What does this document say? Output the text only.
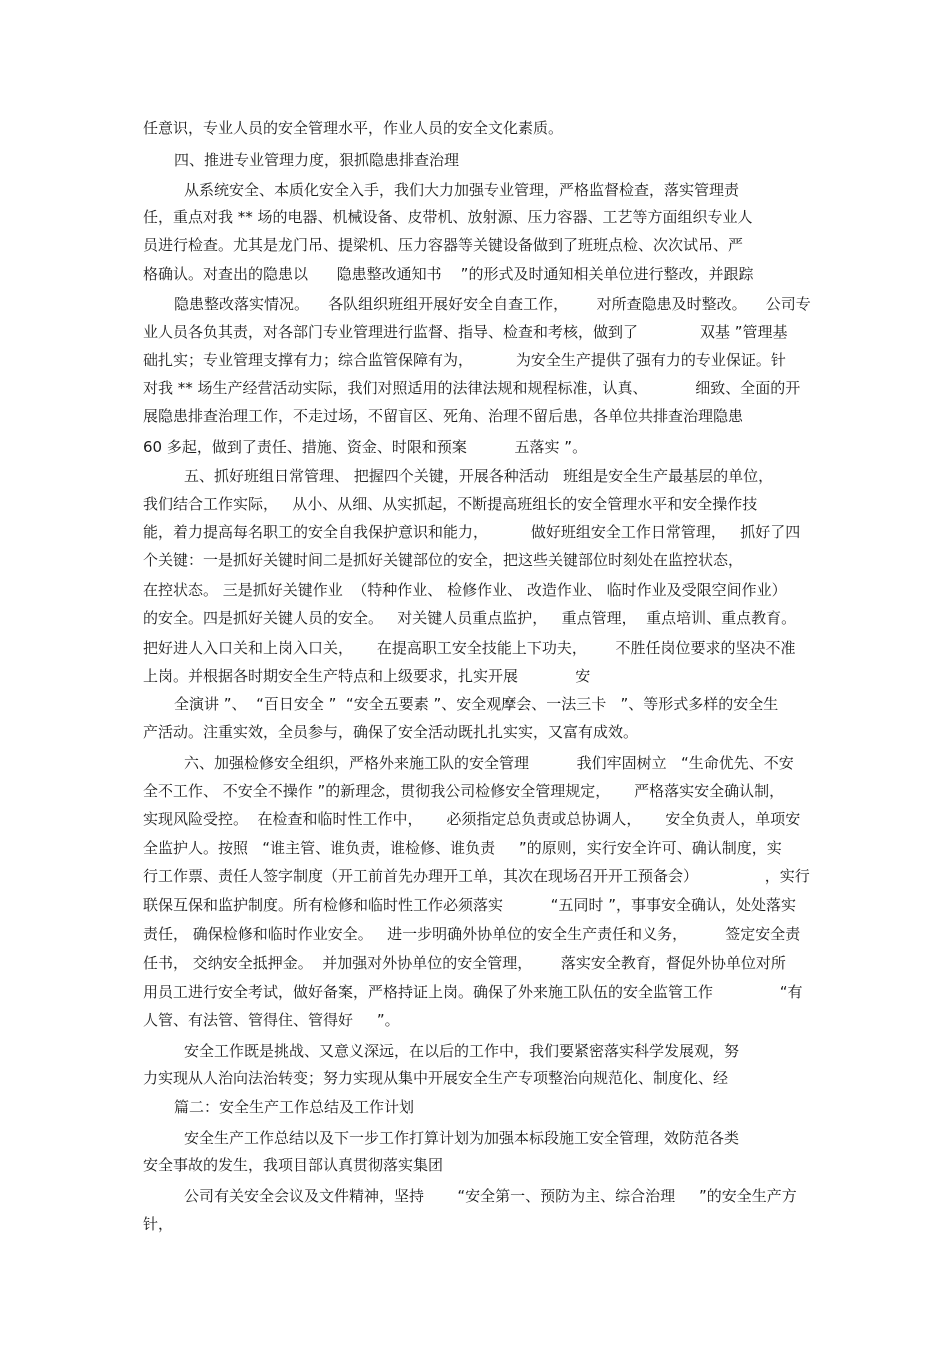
任意识，专业人员的安全管理水平，作业人员的安全文化素质。
四、推进专业管理力度，狠抓隐患排查治理
从系统安全、本质化安全入手，我们大力加强专业管理，严格监督检查，落实管理责
任，重点对我 ** 场的电器、机械设备、皮带机、放射源、压力容器、工艺等方面组织专业人
员进行检查。尤其是龙门吊、提梁机、压力容器等关键设备做到了班班点检、次次试吊、严
格确认。对查出的隐患以      隐患整改通知书    ”的形式及时通知相关单位进行整改，并跟踪
隐患整改落实情况。    各队组织班组开展好安全自查工作，      对所查隐患及时整改。    公司专
业人员各负其责，对各部门专业管理进行监督、指导、检查和考核，做到了             双基 ”管理基
础扎实；专业管理支撑有力；综合监管保障有为，         为安全生产提供了强有力的专业保证。针
对我 ** 场生产经营活动实际，我们对照适用的法律法规和规程标准，认真、          细致、全面的开
展隐患排查治理工作，不走过场，不留盲区、死角、治理不留后患，各单位共排查治理隐患
60 多起，做到了责任、措施、资金、时限和预案          五落实 ”。
五、抓好班组日常管理、 把握四个关键，开展各种活动   班组是安全生产最基层的单位，
我们结合工作实际，   从小、从细、从实抓起，不断提高班组长的安全管理水平和安全操作技
能，着力提高每名职工的安全自我保护意识和能力，         做好班组安全工作日常管理，   抓好了四
个关键：一是抓好关键时间二是抓好关键部位的安全，把这些关键部位时刻处在监控状态，
在控状态。 三是抓好关键作业  （特种作业、 检修作业、 改造作业、 临时作业及受限空间作业）
的安全。四是抓好关键人员的安全。   对关键人员重点监护，   重点管理，  重点培训、重点教育。
把好进人入口关和上岗入口关，     在提高职工安全技能上下功夫，      不胜任岗位要求的坚决不准
上岗。并根据各时期安全生产特点和上级要求，扎实开展            安
全演讲 ”、  “百日安全 ”  “安全五要素 ”、安全观摩会、一法三卡   ”、等形式多样的安全生
产活动。注重实效，全员参与，确保了安全活动既扎扎实实，又富有成效。
六、加强检修安全组织，严格外来施工队的安全管理          我们牢固树立   “生命优先、不安
全不工作、 不安全不操作 ”的新理念，贯彻我公司检修安全管理规定，     严格落实安全确认制，
实现风险受控。  在检查和临时性工作中，     必须指定总负责或总协调人，     安全负责人，单项安
全监护人。按照   “谁主管、谁负责，谁检修、谁负责     ”的原则，实行安全许可、确认制度，实
行工作票、责任人签字制度（开工前首先办理开工单，其次在现场召开开工预备会）              ，实行
联保互保和监护制度。所有检修和临时性工作必须落实          “五同时 ”，事事安全确认，处处落实
责任， 确保检修和临时作业安全。   进一步明确外协单位的安全生产责任和义务，        签定安全责
任书， 交纳安全抵押金。  并加强对外协单位的安全管理，      落实安全教育，督促外协单位对所
用员工进行安全考试，做好备案，严格持证上岗。确保了外来施工队伍的安全监管工作              “有
人管、有法管、管得住、管得好     ”。
安全工作既是挑战、又意义深远，在以后的工作中，我们要紧密落实科学发展观，努
力实现从人治向法治转变；努力实现从集中开展安全生产专项整治向规范化、制度化、经
篇二：安全生产工作总结及工作计划
安全生产工作总结以及下一步工作打算计划为加强本标段施工安全管理，效防范各类
安全事故的发生，我项目部认真贯彻落实集团
公司有关安全会议及文件精神，坚持       “安全第一、预防为主、综合治理     ”的安全生产方
针，
